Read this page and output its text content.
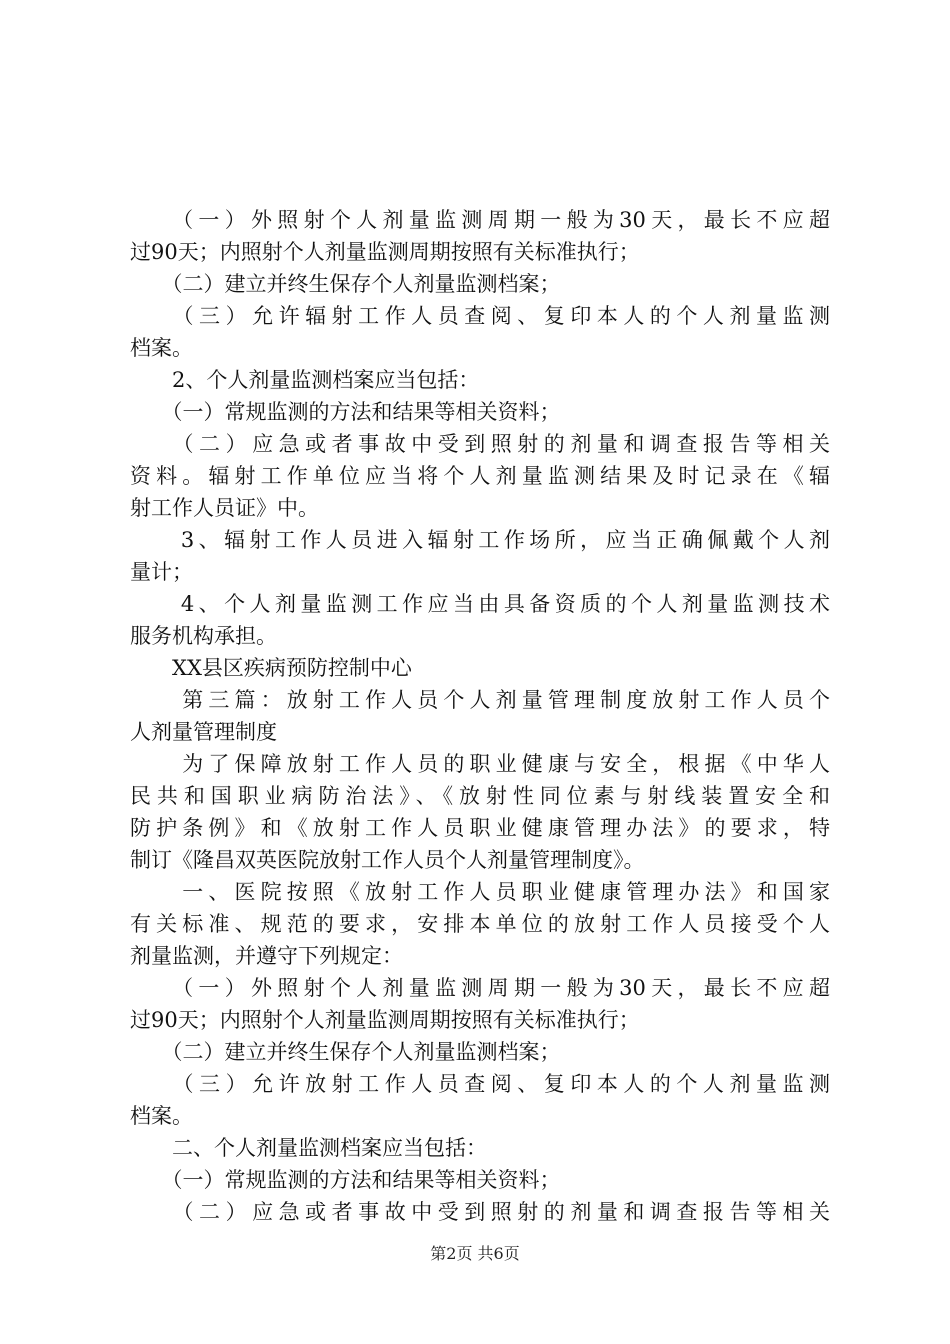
　　（一）外照射个人剂量监测周期一般为30天，最长不应超
过90天；内照射个人剂量监测周期按照有关标准执行；
　　（二）建立并终生保存个人剂量监测档案；
　　（三）允许辐射工作人员查阅、复印本人的个人剂量监测
档案。
　　2、个人剂量监测档案应当包括：
　　（一）常规监测的方法和结果等相关资料；
　　（二）应急或者事故中受到照射的剂量和调查报告等相关
资料。辐射工作单位应当将个人剂量监测结果及时记录在《辐
射工作人员证》中。
　　3、辐射工作人员进入辐射工作场所，应当正确佩戴个人剂
量计；
　　4、个人剂量监测工作应当由具备资质的个人剂量监测技术
服务机构承担。
　　XX县区疾病预防控制中心
　　第三篇：放射工作人员个人剂量管理制度放射工作人员个
人剂量管理制度
　　为了保障放射工作人员的职业健康与安全，根据《中华人
民共和国职业病防治法》、《放射性同位素与射线装置安全和
防护条例》和《放射工作人员职业健康管理办法》的要求，特
制订《隆昌双英医院放射工作人员个人剂量管理制度》。
　　一、医院按照《放射工作人员职业健康管理办法》和国家
有关标准、规范的要求，安排本单位的放射工作人员接受个人
剂量监测，并遵守下列规定：
　　（一）外照射个人剂量监测周期一般为30天，最长不应超
过90天；内照射个人剂量监测周期按照有关标准执行；
　　（二）建立并终生保存个人剂量监测档案；
　　（三）允许放射工作人员查阅、复印本人的个人剂量监测
档案。
　　二、个人剂量监测档案应当包括：
　　（一）常规监测的方法和结果等相关资料；
　　（二）应急或者事故中受到照射的剂量和调查报告等相关
第2页 共6页
